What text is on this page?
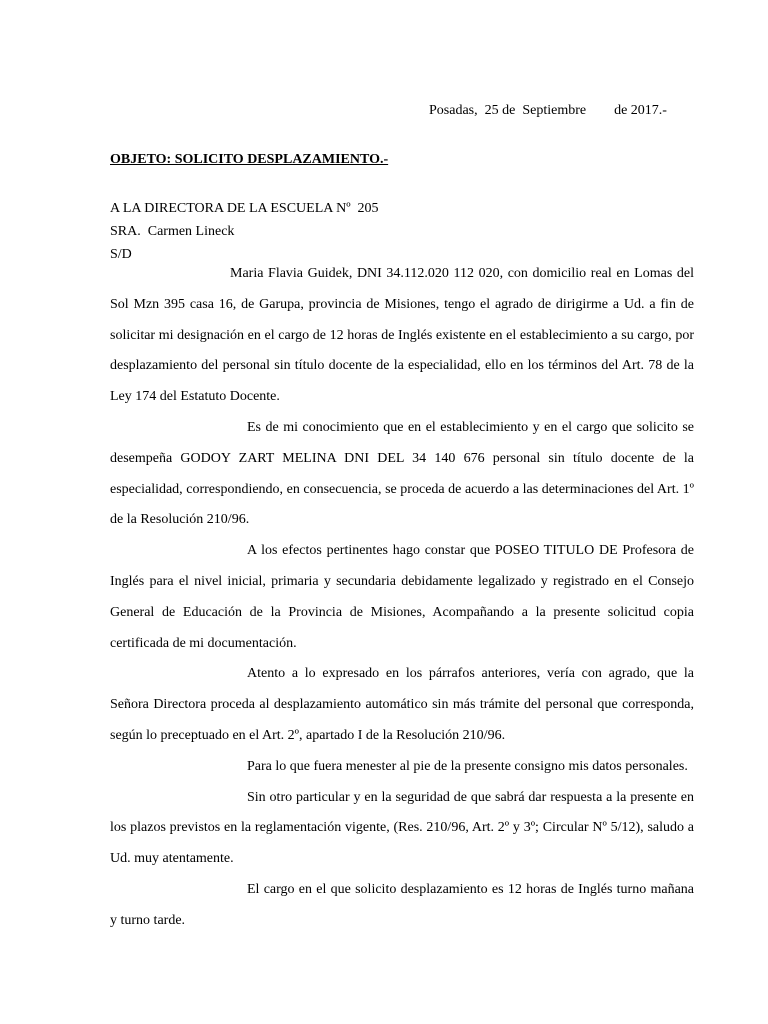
Posadas,  25 de  Septiembre        de 2017.-
OBJETO: SOLICITO DESPLAZAMIENTO.-
A LA DIRECTORA DE LA ESCUELA Nº  205
SRA.  Carmen Lineck
S/D

Maria Flavia Guidek, DNI 34.112.020 112 020, con domicilio real en Lomas del Sol Mzn 395 casa 16, de Garupa, provincia de Misiones, tengo el agrado de dirigirme a Ud. a fin de solicitar mi designación en el cargo de 12 horas de Inglés existente en el establecimiento a su cargo, por desplazamiento del personal sin título docente de la especialidad, ello en los términos del Art. 78 de la Ley 174 del Estatuto Docente.

Es de mi conocimiento que en el establecimiento y en el cargo que solicito se desempeña GODOY ZART MELINA DNI DEL 34 140 676 personal sin título docente de la especialidad, correspondiendo, en consecuencia, se proceda de acuerdo a las determinaciones del Art. 1º de la Resolución 210/96.

A los efectos pertinentes hago constar que POSEO TITULO DE Profesora de Inglés para el nivel inicial, primaria y secundaria debidamente legalizado y registrado en el Consejo General de Educación de la Provincia de Misiones, Acompañando a la presente solicitud copia certificada de mi documentación.

Atento a lo expresado en los párrafos anteriores, vería con agrado, que la Señora Directora proceda al desplazamiento automático sin más trámite del personal que corresponda, según lo preceptuado en el Art. 2º, apartado I de la Resolución 210/96.

Para lo que fuera menester al pie de la presente consigno mis datos personales.

Sin otro particular y en la seguridad de que sabrá dar respuesta a la presente en los plazos previstos en la reglamentación vigente, (Res. 210/96, Art. 2º y 3º; Circular Nº 5/12), saludo a Ud. muy atentamente.

El cargo en el que solicito desplazamiento es 12 horas de Inglés turno mañana y turno tarde.
